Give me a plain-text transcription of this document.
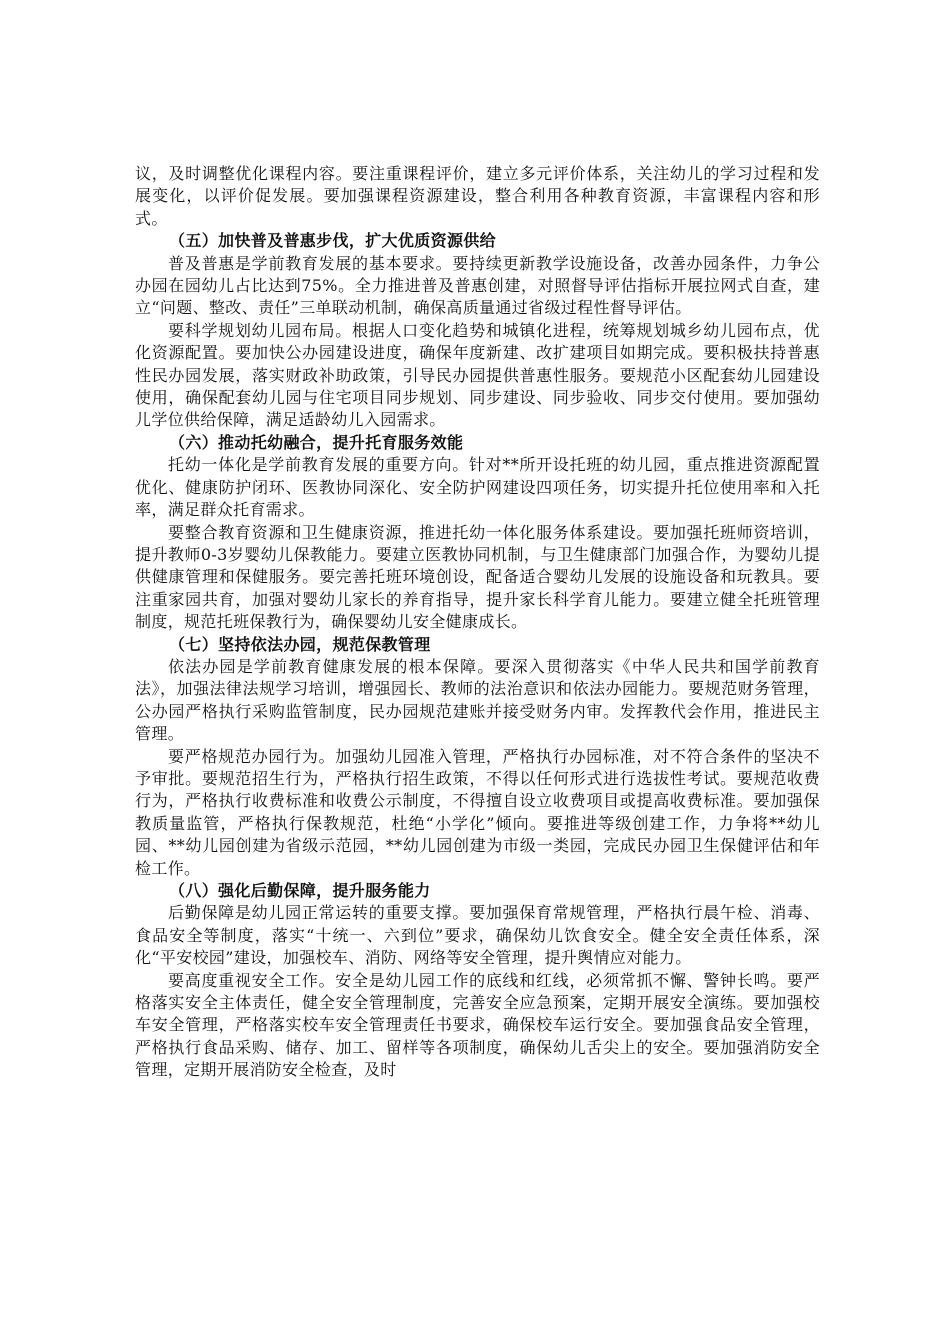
议，及时调整优化课程内容。要注重课程评价，建立多元评价体系，关注幼儿的学习过程和发展变化，以评价促发展。要加强课程资源建设，整合利用各种教育资源，丰富课程内容和形式。

（五）加快普及普惠步伐，扩大优质资源供给

普及普惠是学前教育发展的基本要求。要持续更新教学设施设备，改善办园条件，力争公办园在园幼儿占比达到75%。全力推进普及普惠创建，对照督导评估指标开展拉网式自查，建立“问题、整改、责任”三单联动机制，确保高质量通过省级过程性督导评估。

要科学规划幼儿园布局。根据人口变化趋势和城镇化进程，统筹规划城乡幼儿园布点，优化资源配置。要加快公办园建设进度，确保年度新建、改扩建项目如期完成。要积极扶持普惠性民办园发展，落实财政补助政策，引导民办园提供普惠性服务。要规范小区配套幼儿园建设使用，确保配套幼儿园与住宅项目同步规划、同步建设、同步验收、同步交付使用。要加强幼儿学位供给保障，满足适龄幼儿入园需求。

（六）推动托幼融合，提升托育服务效能

托幼一体化是学前教育发展的重要方向。针对**所开设托班的幼儿园，重点推进资源配置优化、健康防护闭环、医教协同深化、安全防护网建设四项任务，切实提升托位使用率和入托率，满足群众托育需求。

要整合教育资源和卫生健康资源，推进托幼一体化服务体系建设。要加强托班师资培训，提升教师0-3岁婴幼儿保教能力。要建立医教协同机制，与卫生健康部门加强合作，为婴幼儿提供健康管理和保健服务。要完善托班环境创设，配备适合婴幼儿发展的设施设备和玩教具。要注重家园共育，加强对婴幼儿家长的养育指导，提升家长科学育儿能力。要建立健全托班管理制度，规范托班保教行为，确保婴幼儿安全健康成长。

（七）坚持依法办园，规范保教管理

依法办园是学前教育健康发展的根本保障。要深入贯彻落实《中华人民共和国学前教育法》，加强法律法规学习培训，增强园长、教师的法治意识和依法办园能力。要规范财务管理，公办园严格执行采购监管制度，民办园规范建账并接受财务内审。发挥教代会作用，推进民主管理。

要严格规范办园行为。加强幼儿园准入管理，严格执行办园标准，对不符合条件的坚决不予审批。要规范招生行为，严格执行招生政策，不得以任何形式进行选拔性考试。要规范收费行为，严格执行收费标准和收费公示制度，不得擅自设立收费项目或提高收费标准。要加强保教质量监管，严格执行保教规范，杜绝“小学化”倾向。要推进等级创建工作，力争将**幼儿园、**幼儿园创建为省级示范园，**幼儿园创建为市级一类园，完成民办园卫生保健评估和年检工作。

（八）强化后勤保障，提升服务能力

后勤保障是幼儿园正常运转的重要支撑。要加强保育常规管理，严格执行晨午检、消毒、食品安全等制度，落实“十统一、六到位”要求，确保幼儿饮食安全。健全安全责任体系，深化“平安校园”建设，加强校车、消防、网络等安全管理，提升舆情应对能力。

要高度重视安全工作。安全是幼儿园工作的底线和红线，必须常抓不懈、警钟长鸣。要严格落实安全主体责任，健全安全管理制度，完善安全应急预案，定期开展安全演练。要加强校车安全管理，严格落实校车安全管理责任书要求，确保校车运行安全。要加强食品安全管理，严格执行食品采购、储存、加工、留样等各项制度，确保幼儿舌尖上的安全。要加强消防安全管理，定期开展消防安全检查，及时
